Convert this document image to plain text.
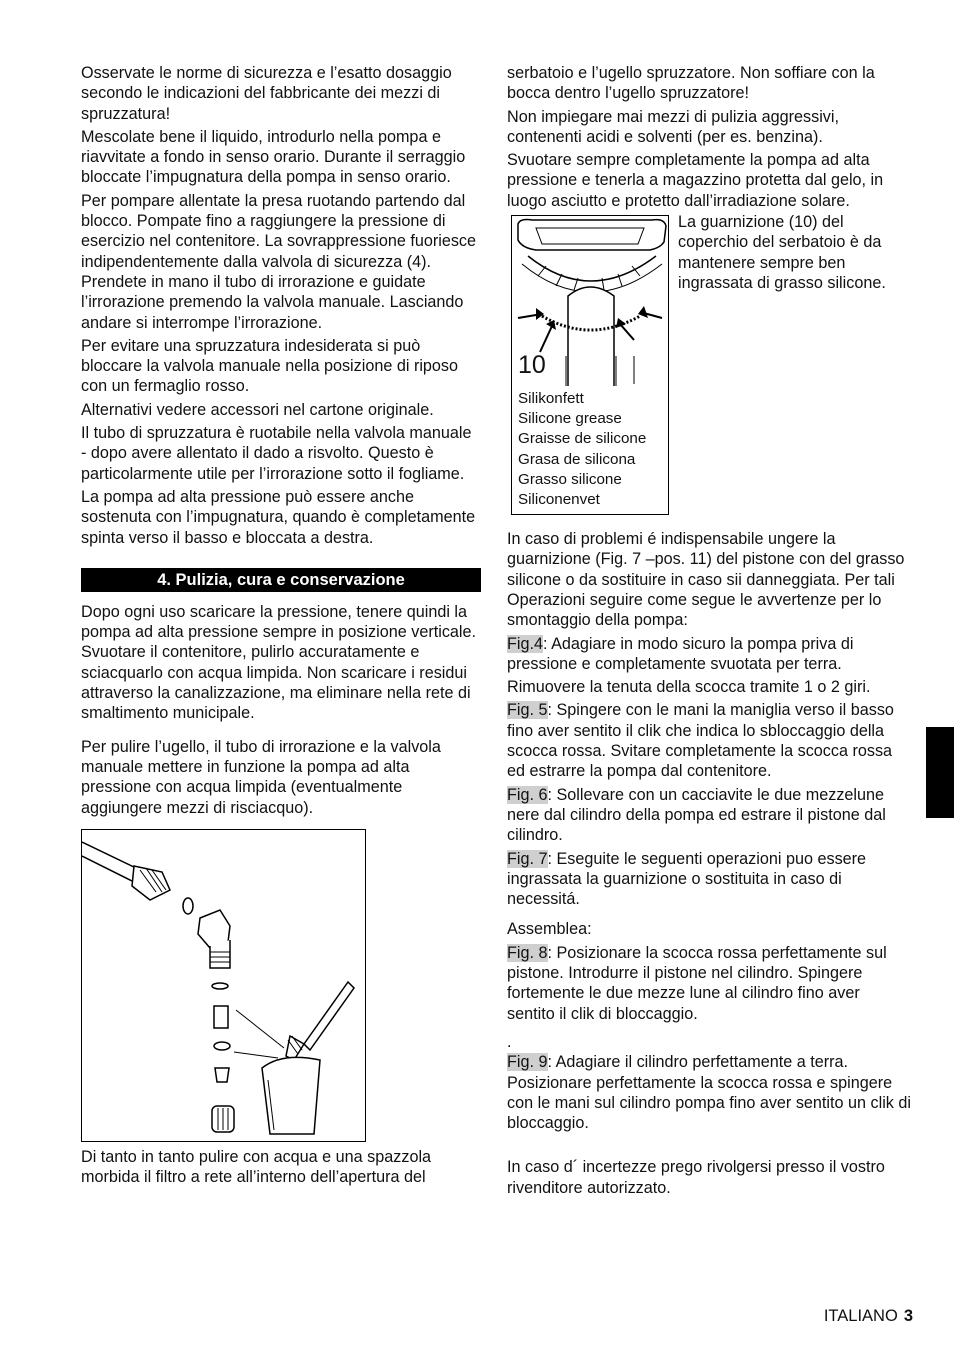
Osservate le norme di sicurezza e l’esatto dosaggio secondo le indicazioni del fabbricante dei mezzi di spruzzatura!

Mescolate bene il liquido, introdurlo nella pompa e riavvitate a fondo in senso orario. Durante il serraggio bloccate l’impugnatura della pompa in senso orario.

Per pompare allentate la presa ruotando partendo dal blocco. Pompate fino a raggiungere la pressione di esercizio nel contenitore. La sovrappressione fuoriesce indipendentemente dalla valvola di sicurezza (4). Prendete in mano il tubo di irrorazione e guidate l’irrorazione premendo la valvola manuale. Lasciando andare si interrompe l’irrorazione.

Per evitare una spruzzatura indesiderata si può bloccare la valvola manuale nella posizione di riposo con un fermaglio rosso.

Alternativi vedere accessori nel cartone originale.

Il tubo di spruzzatura è ruotabile nella valvola manuale - dopo avere allentato il dado a risvolto. Questo è particolarmente utile per l’irrorazione sotto il fogliame.

La pompa ad alta pressione può essere anche sostenuta con l’impugnatura, quando è completamente spinta verso il basso e bloccata a destra.

4. Pulizia, cura e conservazione

Dopo ogni uso scaricare la pressione, tenere quindi la pompa ad alta pressione sempre in posizione verticale. Svuotare il contenitore, pulirlo accuratamente e sciacquarlo con acqua limpida. Non scaricare i residui attraverso la canalizzazione, ma eliminare nella rete di smaltimento municipale.

Per pulire l’ugello, il tubo di irrorazione e la valvola manuale mettere in funzione la pompa ad alta pressione con acqua limpida (eventualmente aggiungere mezzi di risciacquo).

Di tanto in tanto pulire con acqua e una spazzola morbida il filtro a rete all’interno dell’apertura del

serbatoio e l’ugello spruzzatore. Non soffiare con la bocca dentro l’ugello spruzzatore!

Non impiegare mai mezzi di pulizia aggressivi, contenenti acidi e solventi (per es. benzina).

Svuotare sempre completamente la pompa ad alta pressione e tenerla a magazzino protetta dal gelo, in luogo asciutto e protetto dall’irradiazione solare.

10
Silikonfett
Silicone grease
Graisse de silicone
Grasa de silicona
Grasso silicone
Siliconenvet
La guarnizione (10) del coperchio del serbatoio è da mantenere sempre ben ingrassata di grasso silicone.

In caso di problemi é indispensabile ungere la guarnizione (Fig. 7 –pos. 11) del pistone con del grasso silicone o da sostituire in caso sii danneggiata. Per tali Operazioni seguire come segue le avvertenze per lo smontaggio della pompa:

Fig.4: Adagiare in modo sicuro la pompa priva di pressione e completamente svuotata per terra.

Rimuovere la tenuta della scocca tramite 1 o 2 giri.

Fig. 5: Spingere con le mani la maniglia verso il basso fino aver sentito il clik che indica lo sbloccaggio della scocca rossa. Svitare completamente la scocca rossa ed estrarre la pompa dal contenitore.

Fig. 6: Sollevare con un cacciavite le due mezzelune nere dal cilindro della pompa ed estrare il pistone dal cilindro.

Fig. 7: Eseguite le seguenti operazioni puo essere ingrassata la guarnizione o sostituita in caso di necessitá.

Assemblea:

Fig. 8: Posizionare la scocca rossa perfettamente sul pistone. Introdurre il pistone nel cilindro. Spingere fortemente le due mezze lune al cilindro fino aver sentito il clik di bloccaggio.

.

Fig. 9: Adagiare il cilindro perfettamente a terra. Posizionare perfettamente la scocca rossa e spingere con le mani sul cilindro pompa fino aver sentito un clik di bloccaggio.

In caso d´ incertezze prego rivolgersi presso il vostro rivenditore autorizzato.

ITALIANO 3
